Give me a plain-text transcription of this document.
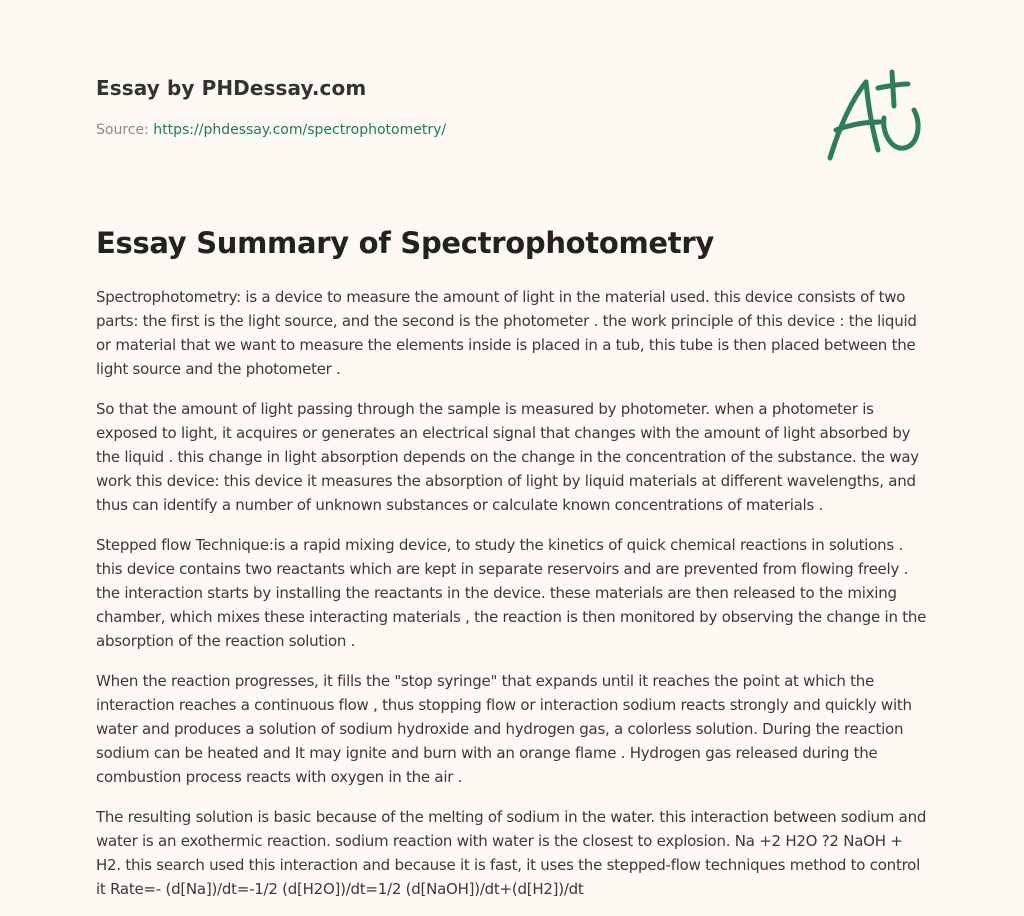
Essay by PHDessay.com
Source: https://phdessay.com/spectrophotometry/
Essay Summary of Spectrophotometry

Spectrophotometry: is a device to measure the amount of light in the material used. this device consists of two parts: the first is the light source, and the second is the photometer . the work principle of this device : the liquid or material that we want to measure the elements inside is placed in a tub, this tube is then placed between the light source and the photometer .

So that the amount of light passing through the sample is measured by photometer. when a photometer is exposed to light, it acquires or generates an electrical signal that changes with the amount of light absorbed by the liquid . this change in light absorption depends on the change in the concentration of the substance. the way work this device: this device it measures the absorption of light by liquid materials at different wavelengths, and thus can identify a number of unknown substances or calculate known concentrations of materials .

Stepped flow Technique:is a rapid mixing device, to study the kinetics of quick chemical reactions in solutions . this device contains two reactants which are kept in separate reservoirs and are prevented from flowing freely . the interaction starts by installing the reactants in the device. these materials are then released to the mixing chamber, which mixes these interacting materials , the reaction is then monitored by observing the change in the absorption of the reaction solution .

When the reaction progresses, it fills the "stop syringe" that expands until it reaches the point at which the interaction reaches a continuous flow , thus stopping flow or interaction sodium reacts strongly and quickly with water and produces a solution of sodium hydroxide and hydrogen gas, a colorless solution. During the reaction sodium can be heated and It may ignite and burn with an orange flame . Hydrogen gas released during the combustion process reacts with oxygen in the air .

The resulting solution is basic because of the melting of sodium in the water. this interaction between sodium and water is an exothermic reaction. sodium reaction with water is the closest to explosion. Na +2 H2O ?2 NaOH + H2. this search used this interaction and because it is fast, it uses the stepped-flow techniques method to control it Rate=- (d[Na])/dt=-1/2 (d[H2O])/dt=1/2 (d[NaOH])/dt+(d[H2])/dt
